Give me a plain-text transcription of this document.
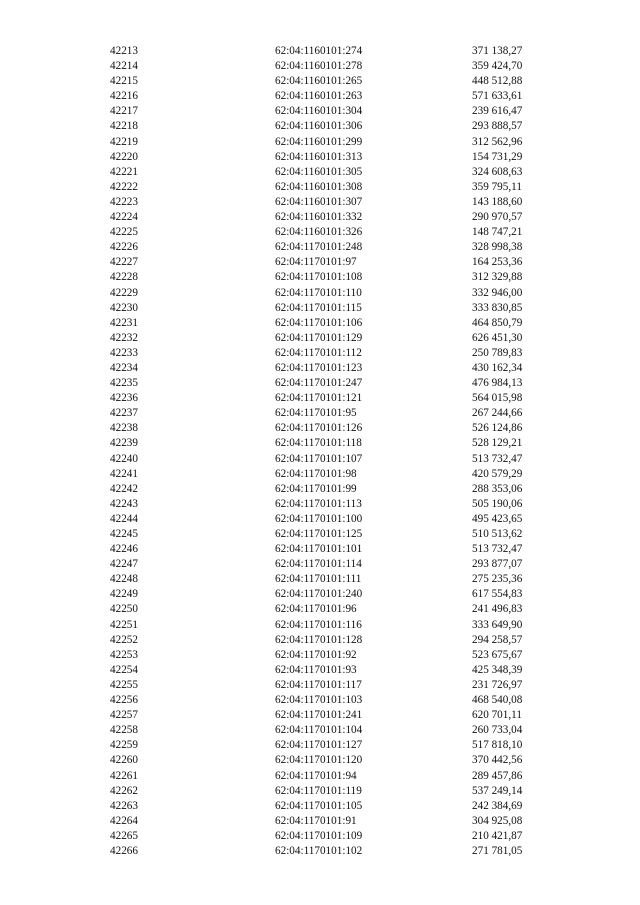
42213	62:04:1160101:274	371 138,27
42214	62:04:1160101:278	359 424,70
42215	62:04:1160101:265	448 512,88
42216	62:04:1160101:263	571 633,61
42217	62:04:1160101:304	239 616,47
42218	62:04:1160101:306	293 888,57
42219	62:04:1160101:299	312 562,96
42220	62:04:1160101:313	154 731,29
42221	62:04:1160101:305	324 608,63
42222	62:04:1160101:308	359 795,11
42223	62:04:1160101:307	143 188,60
42224	62:04:1160101:332	290 970,57
42225	62:04:1160101:326	148 747,21
42226	62:04:1170101:248	328 998,38
42227	62:04:1170101:97	164 253,36
42228	62:04:1170101:108	312 329,88
42229	62:04:1170101:110	332 946,00
42230	62:04:1170101:115	333 830,85
42231	62:04:1170101:106	464 850,79
42232	62:04:1170101:129	626 451,30
42233	62:04:1170101:112	250 789,83
42234	62:04:1170101:123	430 162,34
42235	62:04:1170101:247	476 984,13
42236	62:04:1170101:121	564 015,98
42237	62:04:1170101:95	267 244,66
42238	62:04:1170101:126	526 124,86
42239	62:04:1170101:118	528 129,21
42240	62:04:1170101:107	513 732,47
42241	62:04:1170101:98	420 579,29
42242	62:04:1170101:99	288 353,06
42243	62:04:1170101:113	505 190,06
42244	62:04:1170101:100	495 423,65
42245	62:04:1170101:125	510 513,62
42246	62:04:1170101:101	513 732,47
42247	62:04:1170101:114	293 877,07
42248	62:04:1170101:111	275 235,36
42249	62:04:1170101:240	617 554,83
42250	62:04:1170101:96	241 496,83
42251	62:04:1170101:116	333 649,90
42252	62:04:1170101:128	294 258,57
42253	62:04:1170101:92	523 675,67
42254	62:04:1170101:93	425 348,39
42255	62:04:1170101:117	231 726,97
42256	62:04:1170101:103	468 540,08
42257	62:04:1170101:241	620 701,11
42258	62:04:1170101:104	260 733,04
42259	62:04:1170101:127	517 818,10
42260	62:04:1170101:120	370 442,56
42261	62:04:1170101:94	289 457,86
42262	62:04:1170101:119	537 249,14
42263	62:04:1170101:105	242 384,69
42264	62:04:1170101:91	304 925,08
42265	62:04:1170101:109	210 421,87
42266	62:04:1170101:102	271 781,05
